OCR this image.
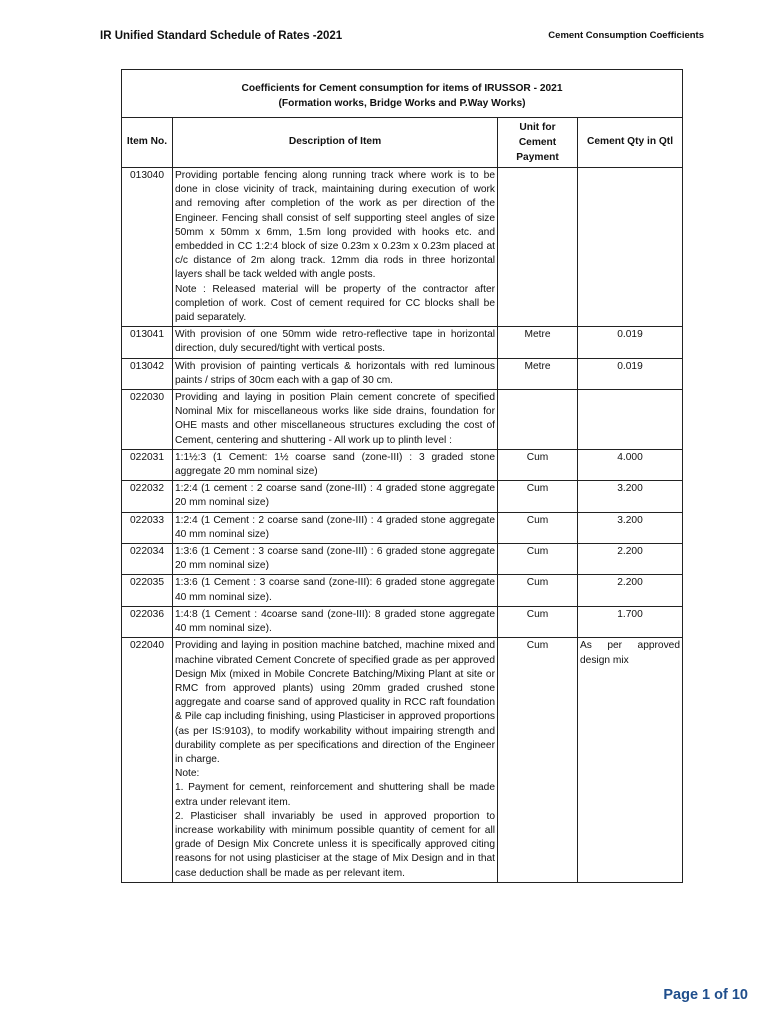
IR Unified Standard Schedule of Rates -2021	Cement Consumption Coefficients
Coefficients for Cement consumption for items of IRUSSOR - 2021
(Formation works, Bridge Works and P.Way Works)			

Item No.	Description of Item	Unit for
Cement
Payment	Cement Qty in Qtl
013040	Providing portable fencing along running track where work is to be done in close vicinity of track, maintaining during execution of work and removing after completion of the work as per direction of the Engineer. Fencing shall consist of self supporting steel angles of size 50mm x 50mm x 6mm, 1.5m long provided with hooks etc. and embedded in CC 1:2:4 block of size 0.23m x 0.23m x 0.23m placed at c/c distance of 2m along track. 12mm dia rods in three horizontal layers shall be tack welded with angle posts.
Note : Released material will be property of the contractor after completion of work. Cost of cement required for CC blocks shall be paid separately.		

013041	With provision of one 50mm wide retro-reflective tape in horizontal direction, duly secured/tight with vertical posts.	Metre	0.019
013042	With provision of painting verticals & horizontals with red luminous paints / strips of 30cm each with a gap of 30 cm.	Metre	0.019
022030	Providing and laying in position Plain cement concrete of specified Nominal Mix for miscellaneous works like side drains, foundation for OHE masts and other miscellaneous structures excluding the cost of Cement, centering and shuttering - All work up to plinth level :		
022031	1:1½:3 (1 Cement: 1½ coarse sand (zone-III) : 3 graded stone aggregate 20 mm nominal size)	Cum	4.000
022032	1:2:4 (1 cement : 2 coarse sand (zone-III) : 4 graded stone aggregate 20 mm nominal size)	Cum	3.200
022033	1:2:4 (1 Cement : 2 coarse sand (zone-III) : 4 graded stone aggregate 40 mm nominal size)	Cum	3.200
022034	1:3:6 (1 Cement : 3 coarse sand (zone-III) : 6 graded stone aggregate 20 mm nominal size)	Cum	2.200
022035	1:3:6 (1 Cement : 3 coarse sand (zone-III): 6 graded stone aggregate 40 mm nominal size).	Cum	2.200
022036	1:4:8 (1 Cement : 4coarse sand (zone-III): 8 graded stone aggregate 40 mm nominal size).	Cum	1.700
022040	Providing and laying in position machine batched, machine mixed and machine vibrated Cement Concrete of specified grade as per approved Design Mix (mixed in Mobile Concrete Batching/Mixing Plant at site or RMC from approved plants) using 20mm graded crushed stone aggregate and coarse sand of approved quality in RCC raft foundation & Pile cap including finishing, using Plasticiser in approved proportions (as per IS:9103), to modify workability without impairing strength and durability complete as per specifications and direction of the Engineer in charge.
Note:
1. Payment for cement, reinforcement and shuttering shall be made extra under relevant item.
2. Plasticiser shall invariably be used in approved proportion to increase workability with minimum possible quantity of cement for all grade of Design Mix Concrete unless it is specifically approved citing reasons for not using plasticiser at the stage of Mix Design and in that case deduction shall be made as per relevant item.	Cum	As per approved design mix
Page 1 of 10
